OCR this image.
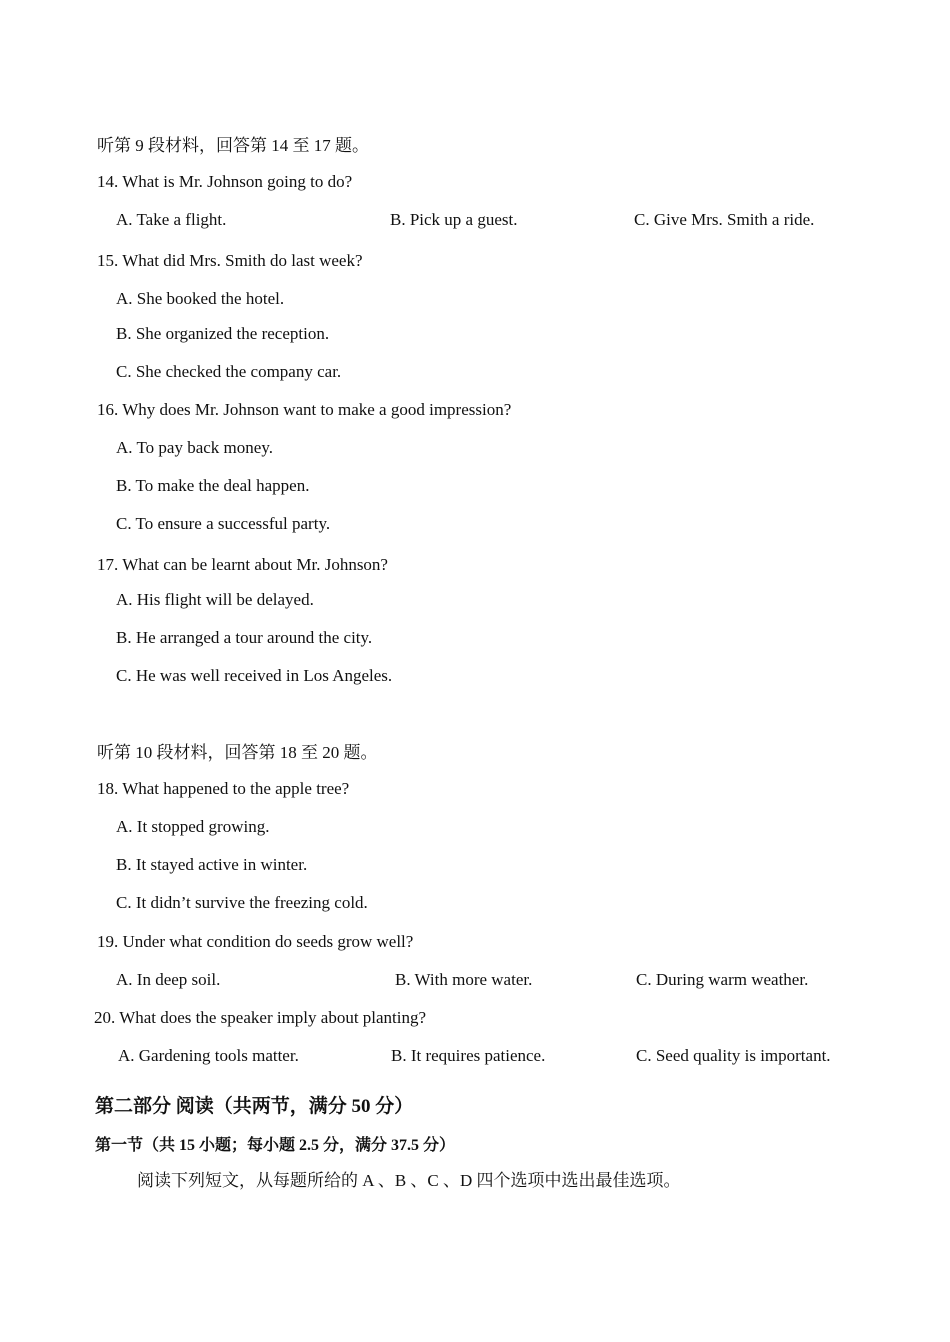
听第 9 段材料，回答第 14 至 17 题。
14. What is Mr. Johnson going to do?
A. Take a flight.	B. Pick up a guest.	C. Give Mrs. Smith a ride.
15. What did Mrs. Smith do last week?
A. She booked the hotel.
B. She organized the reception.
C. She checked the company car.
16. Why does Mr. Johnson want to make a good impression?
A. To pay back money.
B. To make the deal happen.
C. To ensure a successful party.
17. What can be learnt about Mr. Johnson?
A. His flight will be delayed.
B. He arranged a tour around the city.
C. He was well received in Los Angeles.
听第 10 段材料，回答第 18 至 20 题。
18. What happened to the apple tree?
A. It stopped growing.
B. It stayed active in winter.
C. It didn’t survive the freezing cold.
19. Under what condition do seeds grow well?
A. In deep soil.	B. With more water.	C. During warm weather.
20. What does the speaker imply about planting?
A. Gardening tools matter.	B. It requires patience.	C. Seed quality is important.
第二部分 阅读（共两节，满分 50 分）
第一节（共 15 小题；每小题 2.5 分，满分 37.5 分）
阅读下列短文，从每题所给的 A 、B 、C 、D 四个选项中选出最佳选项。
